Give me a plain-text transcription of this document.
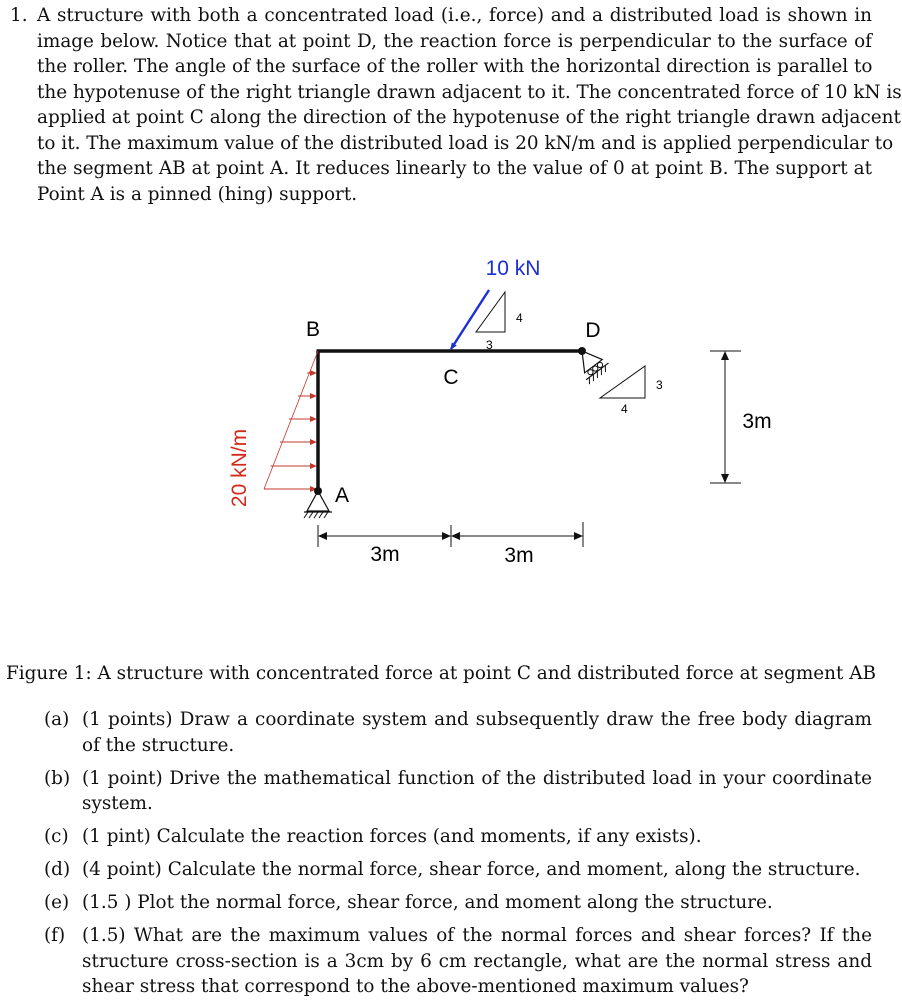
1. A structure with both a concentrated load (i.e., force) and a distributed load is shown in
image below. Notice that at point D, the reaction force is perpendicular to the surface of
the roller. The angle of the surface of the roller with the horizontal direction is parallel to
the hypotenuse of the right triangle drawn adjacent to it. The concentrated force of 10 kN is
applied at point C along the direction of the hypotenuse of the right triangle drawn adjacent
to it. The maximum value of the distributed load is 20 kN/m and is applied perpendicular to
the segment AB at point A. It reduces linearly to the value of 0 at point B. The support at
Point A is a pinned (hing) support.
20 kN/m
10 kN
4
3
3
4
B
C
D
A
3m	3m
3m
Figure 1: A structure with concentrated force at point C and distributed force at segment AB
(a) (1 points) Draw a coordinate system and subsequently draw the free body diagram of the structure.
(b) (1 point) Drive the mathematical function of the distributed load in your coordinate system.
(c) (1 pint) Calculate the reaction forces (and moments, if any exists).
(d) (4 point) Calculate the normal force, shear force, and moment, along the structure.
(e) (1.5 ) Plot the normal force, shear force, and moment along the structure.
(f) (1.5) What are the maximum values of the normal forces and shear forces? If the structure cross-section is a 3cm by 6 cm rectangle, what are the normal stress and shear stress that correspond to the above-mentioned maximum values?
